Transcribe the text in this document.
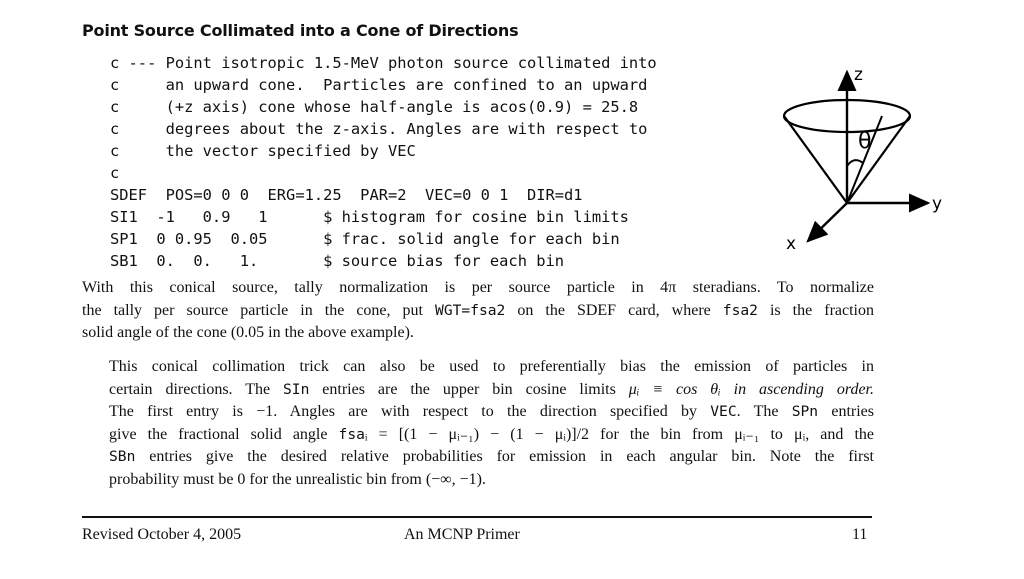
Point Source Collimated into a Cone of Directions
c --- Point isotropic 1.5-MeV photon source collimated into
c     an upward cone.  Particles are confined to an upward
c     (+z axis) cone whose half-angle is acos(0.9) = 25.8
c     degrees about the z-axis. Angles are with respect to
c     the vector specified by VEC
c
SDEF  POS=0 0 0  ERG=1.25  PAR=2  VEC=0 0 1  DIR=d1
SI1  -1   0.9   1      $ histogram for cosine bin limits
SP1  0 0.95  0.05      $ frac. solid angle for each bin
SB1  0.  0.   1.       $ source bias for each bin
z
y
x
θ
With this conical source, tally normalization is per source particle in 4π steradians. To normalize
the tally per source particle in the cone, put WGT=fsa2 on the SDEF card, where fsa2 is the fraction
solid angle of the cone (0.05 in the above example).
This conical collimation trick can also be used to preferentially bias the emission of particles in
certain directions. The SIn entries are the upper bin cosine limits μᵢ ≡ cos θᵢ in ascending order.
The first entry is −1. Angles are with respect to the direction specified by VEC. The SPn entries
give the fractional solid angle fsaᵢ = [(1 − μᵢ₋₁) − (1 − μᵢ)]/2 for the bin from μᵢ₋₁ to μᵢ, and the
SBn entries give the desired relative probabilities for emission in each angular bin. Note the first
probability must be 0 for the unrealistic bin from (−∞, −1).
Revised October 4, 2005	An MCNP Primer	11
